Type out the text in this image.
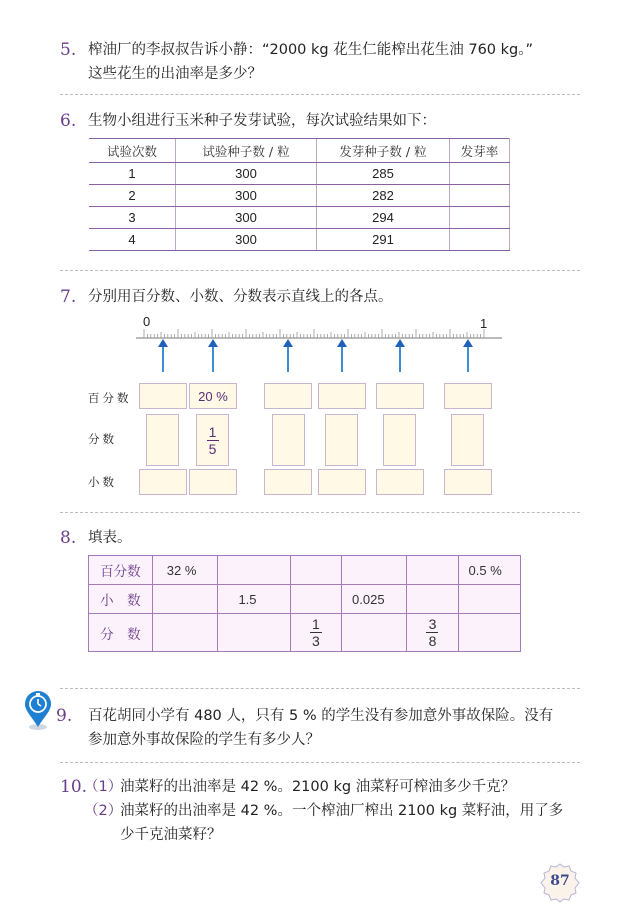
5. 榨油厂的李叔叔告诉小静：“2000 kg 花生仁能榨出花生油 760 kg。”
这些花生的出油率是多少？
6. 生物小组进行玉米种子发芽试验，每次试验结果如下：
试验次数	试验种子数 / 粒	发芽种子数 / 粒	发芽率
1	300	285	
2	300	282	
3	300	294	
4	300	291	
7. 分别用百分数、小数、分数表示直线上的各点。
0	1
百分数
分数
小数
20 %
$\frac{1}{5}$
8. 填表。
百分数	32 %					0.5 %
小　数		1.5		0.025		
分　数			$\frac{1}{3}$		$\frac{3}{8}$

9. 百花胡同小学有 480 人，只有 5 % 的学生没有参加意外事故保险。没有
参加意外事故保险的学生有多少人？
10.
（1）
油菜籽的出油率是 42 %。2100 kg 油菜籽可榨油多少千克？
（2）
油菜籽的出油率是 42 %。一个榨油厂榨出 2100 kg 菜籽油，用了多
少千克油菜籽？
87
